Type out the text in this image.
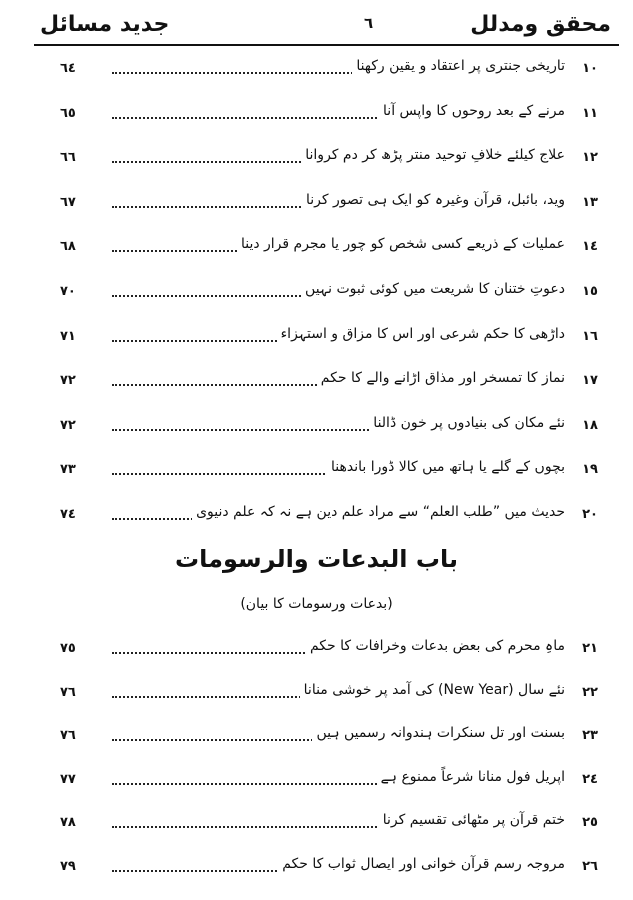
محقق ومدلل
٦
جدید مسائل
١٠
تاریخی جنتری پر اعتقاد و یقین رکھنا
٦٤
١١
مرنے کے بعد روحوں کا واپس آنا
٦٥
١٢
علاج کیلئے خلافِ توحید منتر پڑھ کر دم کروانا
٦٦
١٣
وید، بائبل، قرآن وغیرہ کو ایک ہی تصور کرنا
٦٧
١٤
عملیات کے ذریعے کسی شخص کو چور یا مجرم قرار دینا
٦٨
١٥
دعوتِ ختنان کا شریعت میں کوئی ثبوت نہیں
٧٠
١٦
داڑھی کا حکم شرعی اور اس کا مزاق و استہزاء
٧١
١٧
نماز کا تمسخر اور مذاق اڑانے والے کا حکم
٧٢
١٨
نئے مکان کی بنیادوں پر خون ڈالنا
٧٢
١٩
بچوں کے گلے یا ہاتھ میں کالا ڈورا باندھنا
٧٣
٢٠
حدیث میں ”طلب العلم“ سے مراد علم دین ہے نہ کہ علم دنیوی
٧٤
باب البدعات والرسومات
(بدعات ورسومات کا بیان)
٢١
ماہِ محرم کی بعض بدعات وخرافات کا حکم
٧٥
٢٢
نئے سال (New Year) کی آمد پر خوشی منانا
٧٦
٢٣
بسنت اور تل سنکرات ہندوانہ رسمیں ہیں
٧٦
٢٤
اپریل فول منانا شرعاً ممنوع ہے
٧٧
٢٥
ختم قرآن پر مٹھائی تقسیم کرنا
٧٨
٢٦
مروجہ رسم قرآن خوانی اور ایصال ثواب کا حکم
٧٩
